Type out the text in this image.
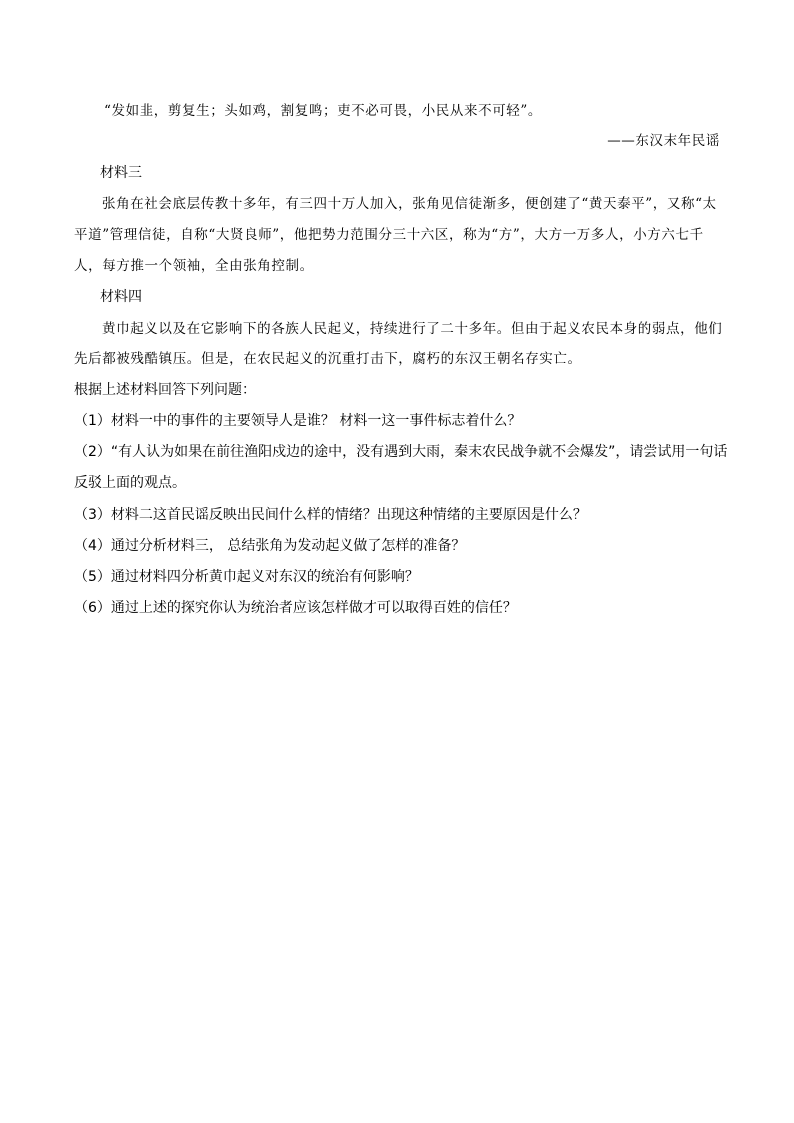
“发如韭，剪复生；头如鸡，割复鸣；吏不必可畏，小民从来不可轻”。
——东汉末年民谣
材料三
张角在社会底层传教十多年，有三四十万人加入，张角见信徒渐多，便创建了“黄天泰平”，又称“太
平道”管理信徒，自称“大贤良师”，他把势力范围分三十六区，称为“方”，大方一万多人，小方六七千
人，每方推一个领袖，全由张角控制。
材料四
黄巾起义以及在它影响下的各族人民起义，持续进行了二十多年。但由于起义农民本身的弱点，他们
先后都被残酷镇压。但是，在农民起义的沉重打击下，腐朽的东汉王朝名存实亡。
根据上述材料回答下列问题：
（1）材料一中的事件的主要领导人是谁？ 材料一这一事件标志着什么？
（2）“有人认为如果在前往渔阳戍边的途中，没有遇到大雨，秦末农民战争就不会爆发”，请尝试用一句话
反驳上面的观点。
（3）材料二这首民谣反映出民间什么样的情绪？出现这种情绪的主要原因是什么？
（4）通过分析材料三， 总结张角为发动起义做了怎样的准备？
（5）通过材料四分析黄巾起义对东汉的统治有何影响？
（6）通过上述的探究你认为统治者应该怎样做才可以取得百姓的信任？
